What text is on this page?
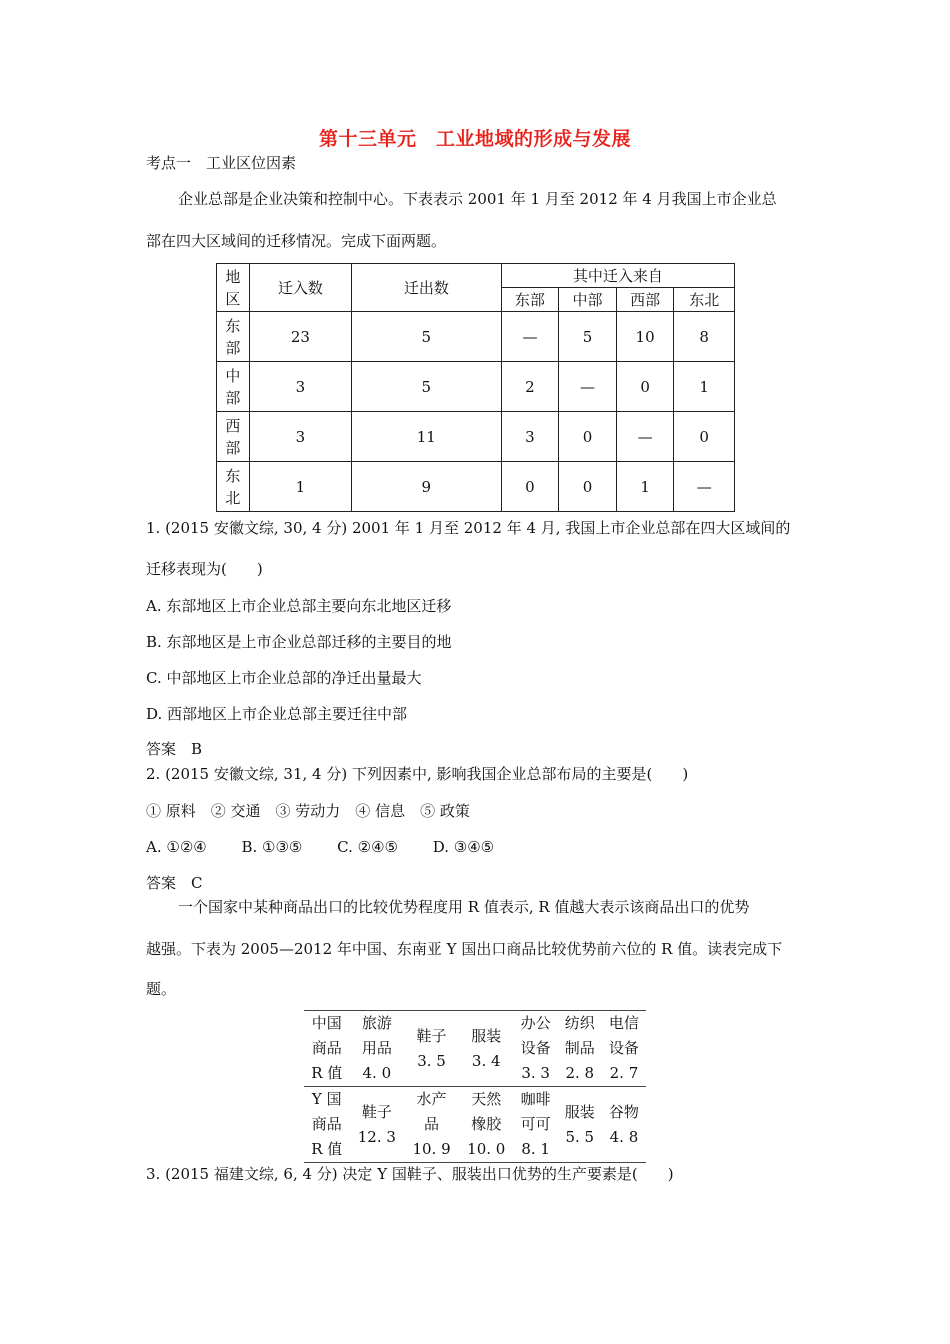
第十三单元　工业地域的形成与发展
考点一　工业区位因素
企业总部是企业决策和控制中心。下表表示 2001 年 1 月至 2012 年 4 月我国上市企业总
部在四大区域间的迁移情况。完成下面两题。
地
区	迁入数	迁出数	其中迁入来自			
			东部	中部	西部	东北
东
部	23	5	—	5	10	8
中
部	3	5	2	—	0	1
西
部	3	11	3	0	—	0
东
北	1	9	0	0	1	—
1. (2015 安徽文综, 30, 4 分) 2001 年 1 月至 2012 年 4 月, 我国上市企业总部在四大区域间的
迁移表现为(　　)
A. 东部地区上市企业总部主要向东北地区迁移
B. 东部地区是上市企业总部迁移的主要目的地
C. 中部地区上市企业总部的净迁出量最大
D. 西部地区上市企业总部主要迁往中部
答案　B
2. (2015 安徽文综, 31, 4 分) 下列因素中, 影响我国企业总部布局的主要是(　　)
① 原料　② 交通　③ 劳动力　④ 信息　⑤ 政策
A. ①②④　　 B. ①③⑤　　 C. ②④⑤　　 D. ③④⑤
答案　C
一个国家中某种商品出口的比较优势程度用 R 值表示, R 值越大表示该商品出口的优势
越强。下表为 2005—2012 年中国、东南亚 Y 国出口商品比较优势前六位的 R 值。读表完成下
题。
中国
商品
R 值	旅游
用品
4. 0	鞋子
3. 5	服装
3. 4	办公
设备
3. 3	纺织
制品
2. 8	电信
设备
2. 7
Y 国
商品
R 值	鞋子
12. 3	水产
品
10. 9	天然
橡胶
10. 0	咖啡
可可
8. 1	服装
5. 5	谷物
4. 8
3. (2015 福建文综, 6, 4 分) 决定 Y 国鞋子、服装出口优势的生产要素是(　　)
